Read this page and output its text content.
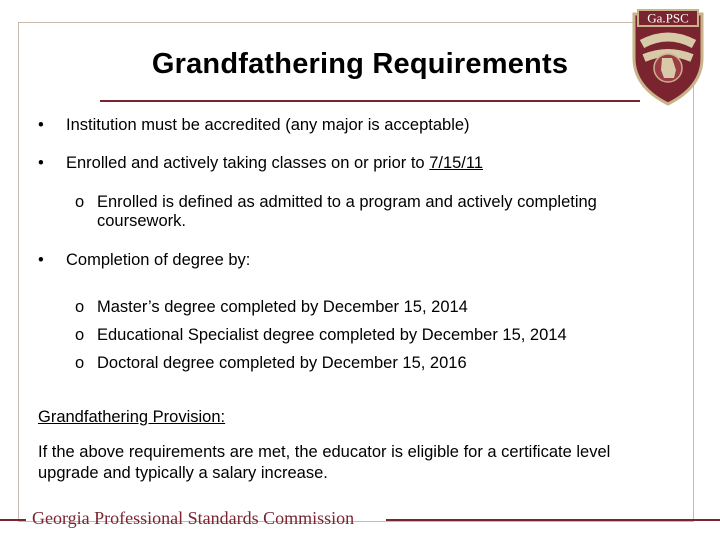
Grandfathering Requirements
Ga.PSC
• Institution must be accredited (any major is acceptable)
• Enrolled and actively taking classes on or prior to 7/15/11
o Enrolled is defined as admitted to a program and actively completing
coursework.
• Completion of degree by:
o Master’s degree completed by December 15, 2014
o Educational Specialist degree completed by December 15, 2014
o Doctoral degree completed by December 15, 2016
Grandfathering Provision:
If the above requirements are met, the educator is eligible for a certificate level
upgrade and typically a salary increase.
Georgia Professional Standards Commission
